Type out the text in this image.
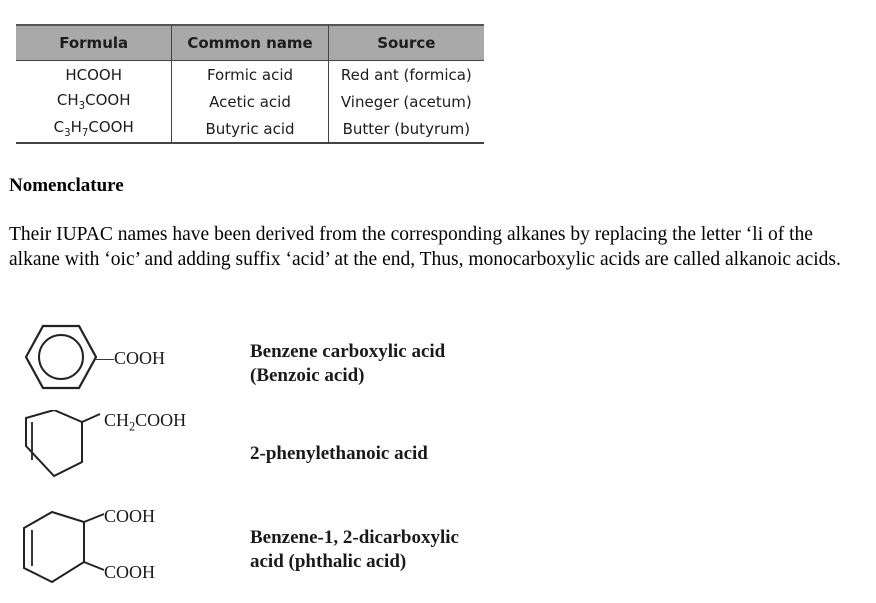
Formula	Common name	Source
HCOOH	Formic acid	Red ant (formica)
$CH_3COOH$	Acetic acid	Vineger (acetum)
$C_3H_7COOH$	Butyric acid	Butter (butyrum)
Nomenclature
Their IUPAC names have been derived from the corresponding alkanes by replacing the letter ‘li of the alkane with ‘oic’ and adding suffix ‘acid’ at the end, Thus, monocarboxylic acids are called alkanoic acids.
—COOH	Benzene carboxylic acid
(Benzoic acid)
$CH_2COOH$
2-phenylethanoic acid
COOH
COOH
Benzene-1, 2-dicarboxylic
acid (phthalic acid)
